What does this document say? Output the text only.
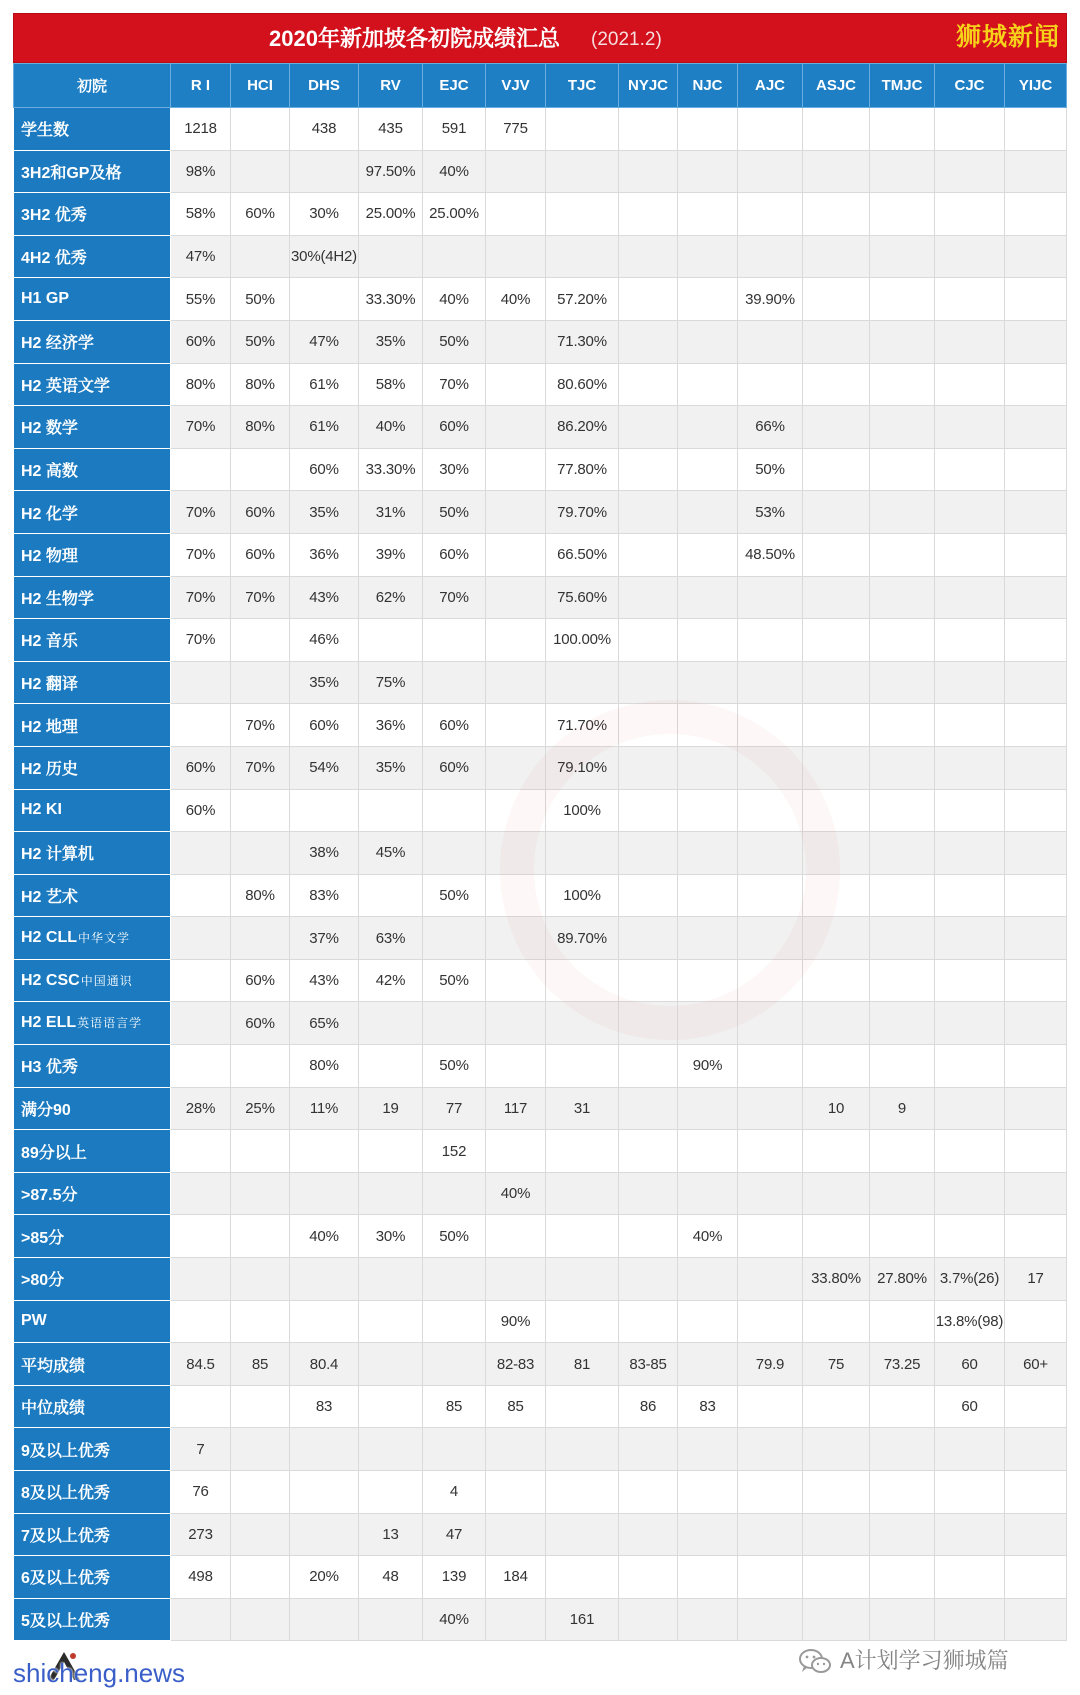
2020年新加坡各初院成绩汇总 (2021.2)	狮城新闻
初院	R I	HCI	DHS	RV	EJC	VJV	TJC	NYJC	NJC	AJC	ASJC	TMJC	CJC	YIJC
学生数	1218		438	435	591	775								
3H2和GP及格	98%			97.50%	40%									
3H2 优秀	58%	60%	30%	25.00%	25.00%									
4H2 优秀	47%		30%(4H2)											
H1 GP	55%	50%		33.30%	40%	40%	57.20%			39.90%				
H2 经济学	60%	50%	47%	35%	50%		71.30%							
H2 英语文学	80%	80%	61%	58%	70%		80.60%							
H2 数学	70%	80%	61%	40%	60%		86.20%			66%				
H2 高数			60%	33.30%	30%		77.80%			50%				
H2 化学	70%	60%	35%	31%	50%		79.70%			53%				
H2 物理	70%	60%	36%	39%	60%		66.50%			48.50%				
H2 生物学	70%	70%	43%	62%	70%		75.60%							
H2 音乐	70%		46%				100.00%							
H2 翻译			35%	75%										
H2 地理		70%	60%	36%	60%		71.70%							
H2 历史	60%	70%	54%	35%	60%		79.10%							
H2 KI	60%						100%							
H2 计算机			38%	45%										
H2 艺术		80%	83%		50%		100%							
H2 CLL中华文学			37%	63%			89.70%							
H2 CSC中国通识		60%	43%	42%	50%									
H2 ELL英语语言学		60%	65%											
H3 优秀			80%		50%				90%					
满分90	28%	25%	11%	19	77	117	31				10	9		
89分以上					152									
>87.5分						40%								
>85分			40%	30%	50%				40%					
>80分											33.80%	27.80%	3.7%(26)	17
PW						90%							13.8%(98)	
平均成绩	84.5	85	80.4			82-83	81	83-85		79.9	75	73.25	60	60+
中位成绩			83		85	85		86	83				60	
9及以上优秀	7													
8及以上优秀	76				4									
7及以上优秀	273			13	47									
6及以上优秀	498		20%	48	139	184								
5及以上优秀					40%		161							
shicheng.news	A计划学习狮城篇
